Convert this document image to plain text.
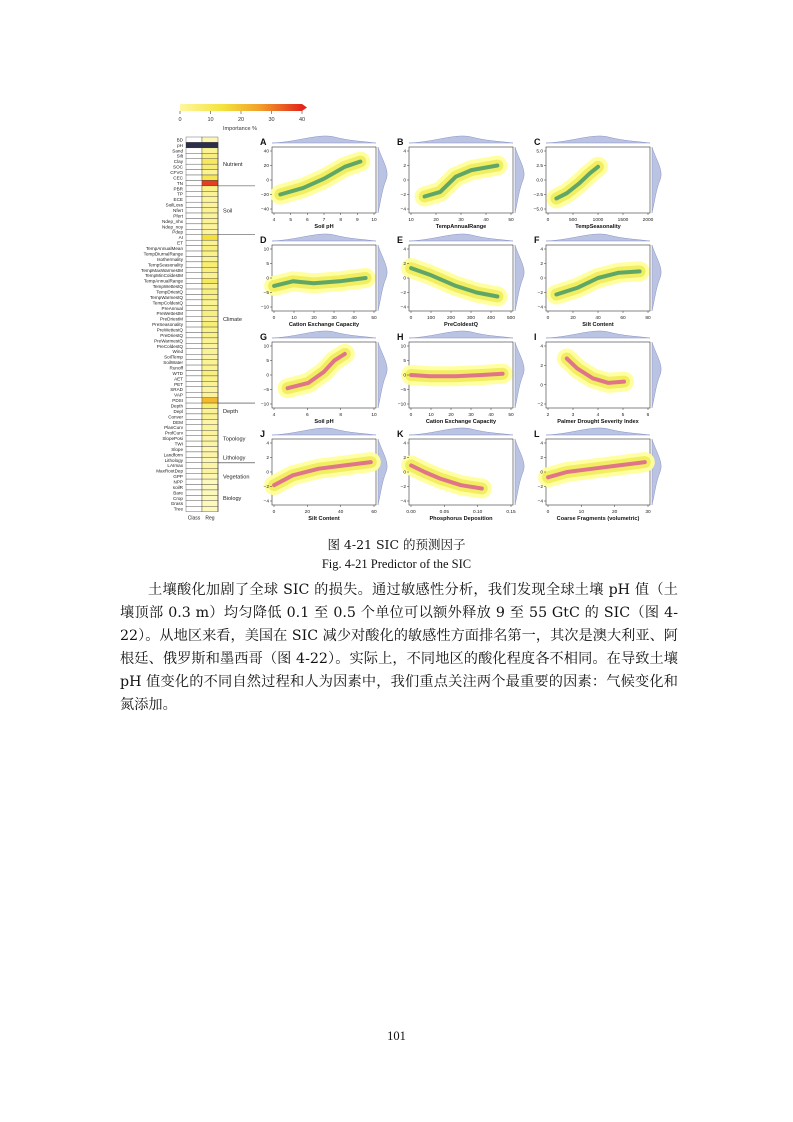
0	10	20	30	40
Importance %
BD
pH
Sand
Silt
Clay
SOC
CFVO
CEC
TN
PBR
TP
ECE
SoilLoss
Nfert
Pfert
Ndep_nhx
Ndep_noy
Pdep
AI
ET
TempAnnualMean
TempDiurnalRange
Isothermality
TempSeasonality
TempMaxWarmestM
TempMinColdestM
TempAnnualRange
TempWettestQ
TempDriestQ
TempWarmestQ
TempColdestQ
PreAnnual
PreWettestM
PreDriestM
PreSeasonality
PreWettestQ
PreDriestQ
PreWarmestQ
PreColdestQ
Wind
SoilTemp
SoilWater
Runoff
WTD
AET
PET
SRAD
VAP
PDSI
Depth
Depl
Conver
DEM
PlanCurv
ProfCurv
SlopePosi
TWI
Slope
Landform
Lithology
LAImax
MaxRootDep
GPP
NPP
soilR
Bare
Crop
Grass
Tree
Class Reg
Nutrient
Soil
Climate
Depth
Topology
Lithology
Vegetation
Biology
A
4	5	6	7	8	9	10
40
20
0
−20
−40
Soil pH
B
10	20	30	40	50
4
2
0
−2
−4
TempAnnualRange
C
0	500	1000	1500	2000
5.0
2.5
0.0
−2.5
−5.0
TempSeasonality
D
0	10	20	30	40	50
10
5
0
−5
−10
Cation Exchange Capacity
E
0	100 200 300 400 500
4
2
0
−2
−4
PreColdestQ
F
0	20	40	60	80
4
2
0
−2
−4
Silt Content
G
4	6	8	10
10
5
0
−5
−10
Soil pH
H
0	10	20	30	40	50
10
5
0
−5
−10
Cation Exchange Capacity
I
2	3	4	5	6
4
2
0
−2
Palmer Drought Severity Index
J
0	20	40	60
4
2
0
−2
−4
Silt Content
K
0.00	0.05	0.10	0.15
4
2
0
−2
−4
Phosphorus Deposition
L
0	10	20	30
4
2
0
−2
−4
Coarse Fragments (volumetric)
图 4-21 SIC 的预测因子
Fig. 4-21 Predictor of the SIC

土壤酸化加剧了全球 SIC 的损失。通过敏感性分析，我们发现全球土壤 pH 值（土壤顶部 0.3 m）均匀降低 0.1 至 0.5 个单位可以额外释放 9 至 55 GtC 的 SIC（图 4-22）。从地区来看，美国在 SIC 减少对酸化的敏感性方面排名第一，其次是澳大利亚、阿根廷、俄罗斯和墨西哥（图 4-22）。实际上，不同地区的酸化程度各不相同。在导致土壤 pH 值变化的不同自然过程和人为因素中，我们重点关注两个最重要的因素：气候变化和氮添加。

101
